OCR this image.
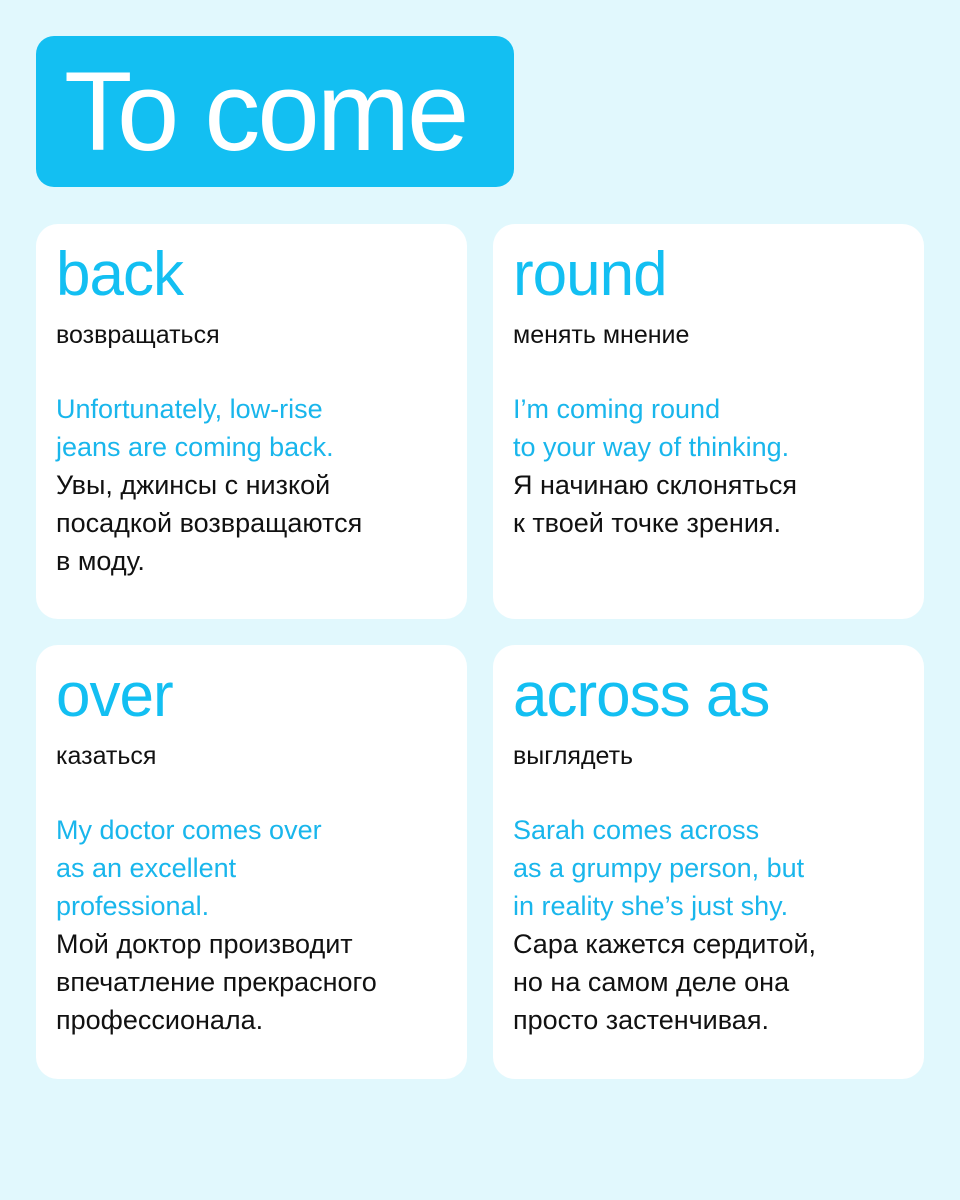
To come
back

возвращаться

Unfortunately, low-rise
jeans are coming back.

Увы, джинсы с низкой
посадкой возвращаются
в моду.

round

менять мнение

I’m coming round
to your way of thinking.

Я начинаю склоняться
к твоей точке зрения.

over

казаться

My doctor comes over
as an excellent
professional.

Мой доктор производит
впечатление прекрасного
профессионала.

across as

выглядеть

Sarah comes across
as a grumpy person, but
in reality she’s just shy.

Сара кажется сердитой,
но на самом деле она
просто застенчивая.
